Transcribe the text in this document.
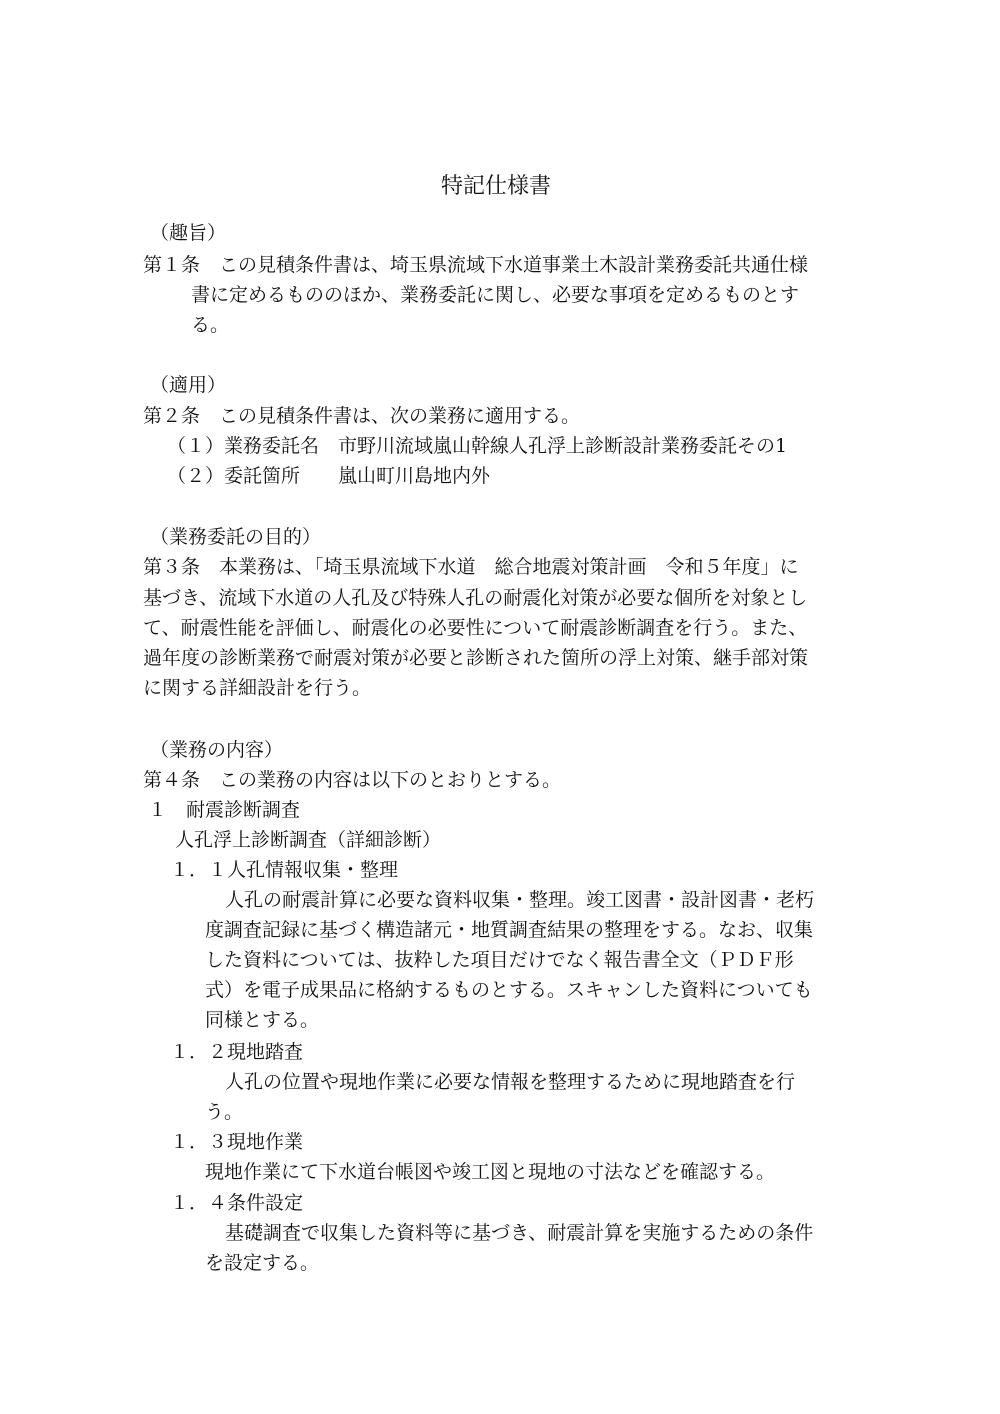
特記仕様書
（趣旨）
第１条　この見積条件書は、埼玉県流域下水道事業土木設計業務委託共通仕様
書に定めるもののほか、業務委託に関し、必要な事項を定めるものとす
る。
（適用）
第２条　この見積条件書は、次の業務に適用する。
（１）業務委託名　市野川流域嵐山幹線人孔浮上診断設計業務委託その1
（２）委託箇所　　嵐山町川島地内外
（業務委託の目的）
第３条　本業務は、「埼玉県流域下水道　総合地震対策計画　令和５年度」に
基づき、流域下水道の人孔及び特殊人孔の耐震化対策が必要な個所を対象とし
て、耐震性能を評価し、耐震化の必要性について耐震診断調査を行う。また、
過年度の診断業務で耐震対策が必要と診断された箇所の浮上対策、継手部対策
に関する詳細設計を行う。
（業務の内容）
第４条　この業務の内容は以下のとおりとする。
１　耐震診断調査
人孔浮上診断調査（詳細診断）
１．１人孔情報収集・整理
人孔の耐震計算に必要な資料収集・整理。竣工図書・設計図書・老朽
度調査記録に基づく構造諸元・地質調査結果の整理をする。なお、収集
した資料については、抜粋した項目だけでなく報告書全文（ＰＤＦ形
式）を電子成果品に格納するものとする。スキャンした資料についても
同様とする。
１．２現地踏査
人孔の位置や現地作業に必要な情報を整理するために現地踏査を行
う。
１．３現地作業
現地作業にて下水道台帳図や竣工図と現地の寸法などを確認する。
１．４条件設定
基礎調査で収集した資料等に基づき、耐震計算を実施するための条件
を設定する。
